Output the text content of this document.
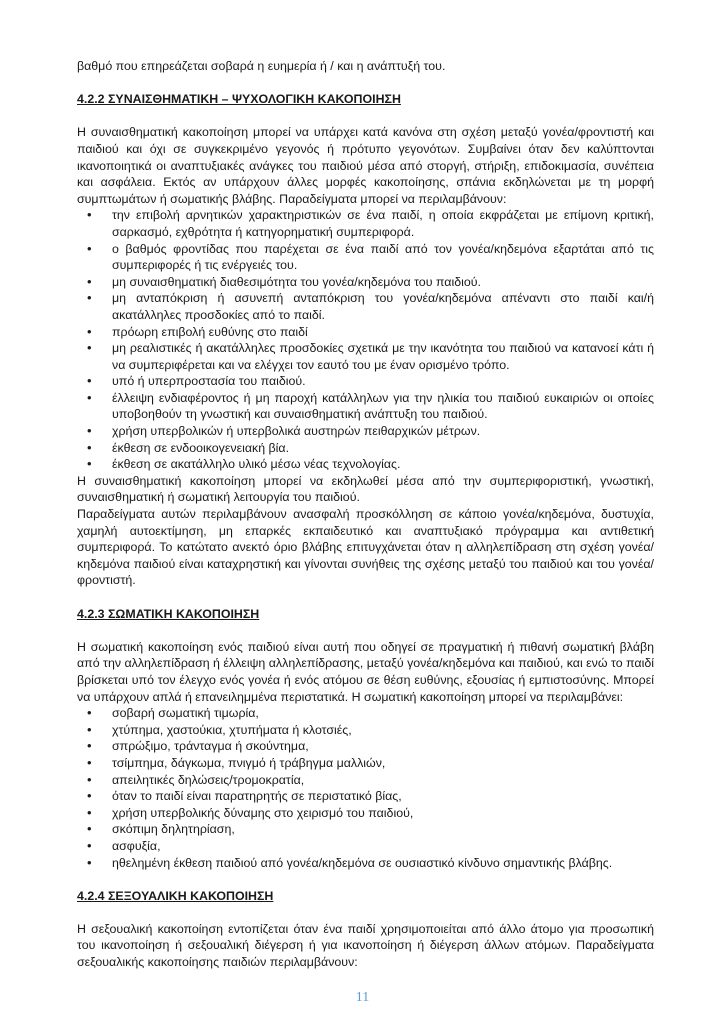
βαθμό που επηρεάζεται σοβαρά η ευημερία ή / και η ανάπτυξή του.

4.2.2 ΣΥΝΑΙΣΘΗΜΑΤΙΚΗ – ΨΥΧΟΛΟΓΙΚΗ ΚΑΚΟΠΟΙΗΣΗ

Η συναισθηματική κακοποίηση μπορεί να υπάρχει κατά κανόνα στη σχέση μεταξύ γονέα/φροντιστή και παιδιού και όχι σε συγκεκριμένο γεγονός ή πρότυπο γεγονότων. Συμβαίνει όταν δεν καλύπτονται ικανοποιητικά οι αναπτυξιακές ανάγκες του παιδιού μέσα από στοργή, στήριξη, επιδοκιμασία, συνέπεια και ασφάλεια. Εκτός αν υπάρχουν άλλες μορφές κακοποίησης, σπάνια εκδηλώνεται με τη μορφή συμπτωμάτων ή σωματικής βλάβης. Παραδείγματα μπορεί να περιλαμβάνουν:

• την επιβολή αρνητικών χαρακτηριστικών σε ένα παιδί, η οποία εκφράζεται με επίμονη κριτική, σαρκασμό, εχθρότητα ή κατηγορηματική συμπεριφορά.
• ο βαθμός φροντίδας που παρέχεται σε ένα παιδί από τον γονέα/κηδεμόνα εξαρτάται από τις συμπεριφορές ή τις ενέργειές του.
• μη συναισθηματική διαθεσιμότητα του γονέα/κηδεμόνα του παιδιού.
• μη ανταπόκριση ή ασυνεπή ανταπόκριση του γονέα/κηδεμόνα απέναντι στο παιδί και/ή ακατάλληλες προσδοκίες από το παιδί.
• πρόωρη επιβολή ευθύνης στο παιδί
• μη ρεαλιστικές ή ακατάλληλες προσδοκίες σχετικά με την ικανότητα του παιδιού να κατανοεί κάτι ή να συμπεριφέρεται και να ελέγχει τον εαυτό του με έναν ορισμένο τρόπο.
• υπό ή υπερπροστασία του παιδιού.
• έλλειψη ενδιαφέροντος ή μη παροχή κατάλληλων για την ηλικία του παιδιού ευκαιριών οι οποίες υποβοηθούν τη γνωστική και συναισθηματική ανάπτυξη του παιδιού.
• χρήση υπερβολικών ή υπερβολικά αυστηρών πειθαρχικών μέτρων.
• έκθεση σε ενδοοικογενειακή βία.
• έκθεση σε ακατάλληλο υλικό μέσω νέας τεχνολογίας.

Η συναισθηματική κακοποίηση μπορεί να εκδηλωθεί μέσα από την συμπεριφοριστική, γνωστική, συναισθηματική ή σωματική λειτουργία του παιδιού.

Παραδείγματα αυτών περιλαμβάνουν ανασφαλή προσκόλληση σε κάποιο γονέα/κηδεμόνα, δυστυχία, χαμηλή αυτοεκτίμηση, μη επαρκές εκπαιδευτικό και αναπτυξιακό πρόγραμμα και αντιθετική συμπεριφορά. Το κατώτατο ανεκτό όριο βλάβης επιτυγχάνεται όταν η αλληλεπίδραση στη σχέση γονέα/κηδεμόνα παιδιού είναι καταχρηστική και γίνονται συνήθεις της σχέσης μεταξύ του παιδιού και του γονέα/φροντιστή.

4.2.3 ΣΩΜΑΤΙΚΗ ΚΑΚΟΠΟΙΗΣΗ

Η σωματική κακοποίηση ενός παιδιού είναι αυτή που οδηγεί σε πραγματική ή πιθανή σωματική βλάβη από την αλληλεπίδραση ή έλλειψη αλληλεπίδρασης, μεταξύ γονέα/κηδεμόνα και παιδιού, και ενώ το παιδί βρίσκεται υπό τον έλεγχο ενός γονέα ή ενός ατόμου σε θέση ευθύνης, εξουσίας ή εμπιστοσύνης. Μπορεί να υπάρχουν απλά ή επανειλημμένα περιστατικά. Η σωματική κακοποίηση μπορεί να περιλαμβάνει:

• σοβαρή σωματική τιμωρία,
• χτύπημα, χαστούκια, χτυπήματα ή κλοτσιές,
• σπρώξιμο, τράνταγμα ή σκούντημα,
• τσίμπημα, δάγκωμα, πνιγμό ή τράβηγμα μαλλιών,
• απειλητικές δηλώσεις/τρομοκρατία,
• όταν το παιδί είναι παρατηρητής σε περιστατικό βίας,
• χρήση υπερβολικής δύναμης στο χειρισμό του παιδιού,
• σκόπιμη δηλητηρίαση,
• ασφυξία,
• ηθελημένη έκθεση παιδιού από γονέα/κηδεμόνα σε ουσιαστικό κίνδυνο σημαντικής βλάβης.
4.2.4 ΣΕΞΟΥΑΛΙΚΗ ΚΑΚΟΠΟΙΗΣΗ

Η σεξουαλική κακοποίηση εντοπίζεται όταν ένα παιδί χρησιμοποιείται από άλλο άτομο για προσωπική του ικανοποίηση ή σεξουαλική διέγερση ή για ικανοποίηση ή διέγερση άλλων ατόμων. Παραδείγματα σεξουαλικής κακοποίησης παιδιών περιλαμβάνουν:

11
